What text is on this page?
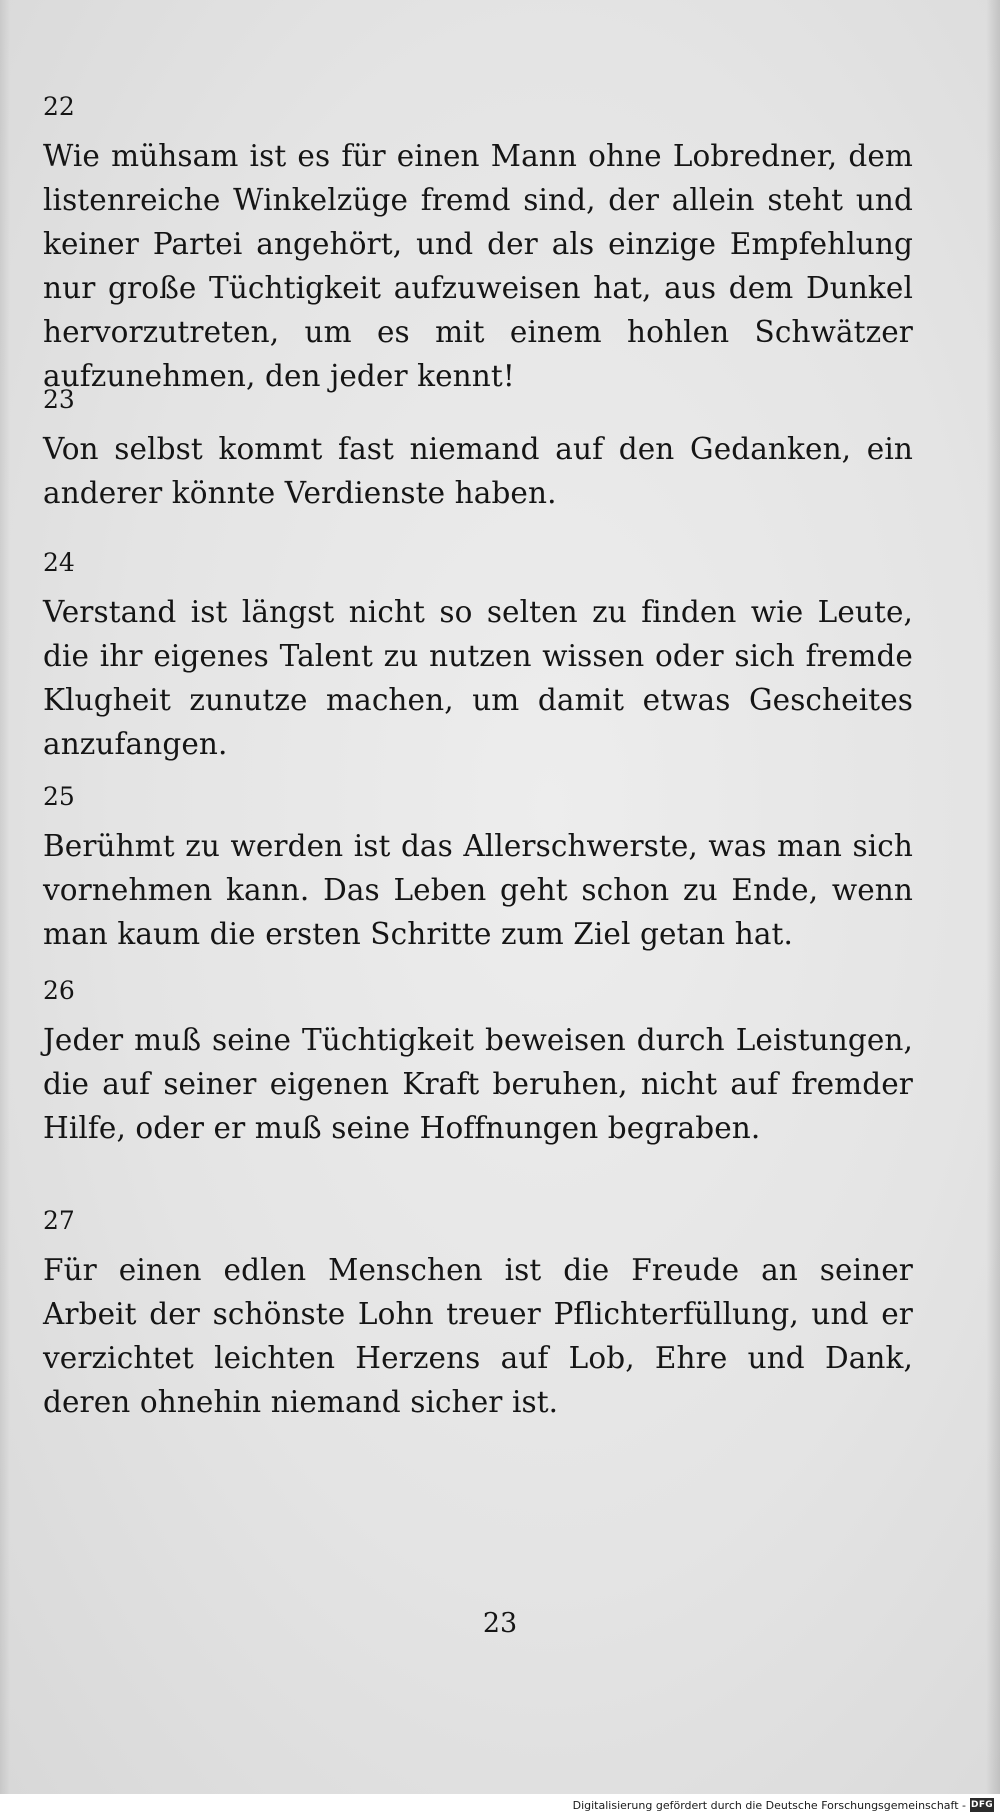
22

Wie mühsam ist es für einen Mann ohne Lobredner, dem listenreiche Winkelzüge fremd sind, der allein steht und keiner Partei angehört, und der als einzige Empfehlung nur große Tüchtigkeit aufzuweisen hat, aus dem Dunkel hervorzutreten, um es mit einem hohlen Schwätzer aufzunehmen, den jeder kennt!

23

Von selbst kommt fast niemand auf den Gedanken, ein anderer könnte Verdienste haben.

24

Verstand ist längst nicht so selten zu finden wie Leute, die ihr eigenes Talent zu nutzen wissen oder sich fremde Klugheit zunutze machen, um damit etwas Gescheites anzufangen.

25

Berühmt zu werden ist das Allerschwerste, was man sich vornehmen kann. Das Leben geht schon zu Ende, wenn man kaum die ersten Schritte zum Ziel getan hat.

26

Jeder muß seine Tüchtigkeit beweisen durch Leistungen, die auf seiner eigenen Kraft beruhen, nicht auf fremder Hilfe, oder er muß seine Hoffnungen begraben.

27

Für einen edlen Menschen ist die Freude an seiner Arbeit der schönste Lohn treuer Pflichterfüllung, und er verzichtet leichten Herzens auf Lob, Ehre und Dank, deren ohnehin niemand sicher ist.

23
Digitalisierung gefördert durch die Deutsche Forschungsgemeinschaft - DFG
